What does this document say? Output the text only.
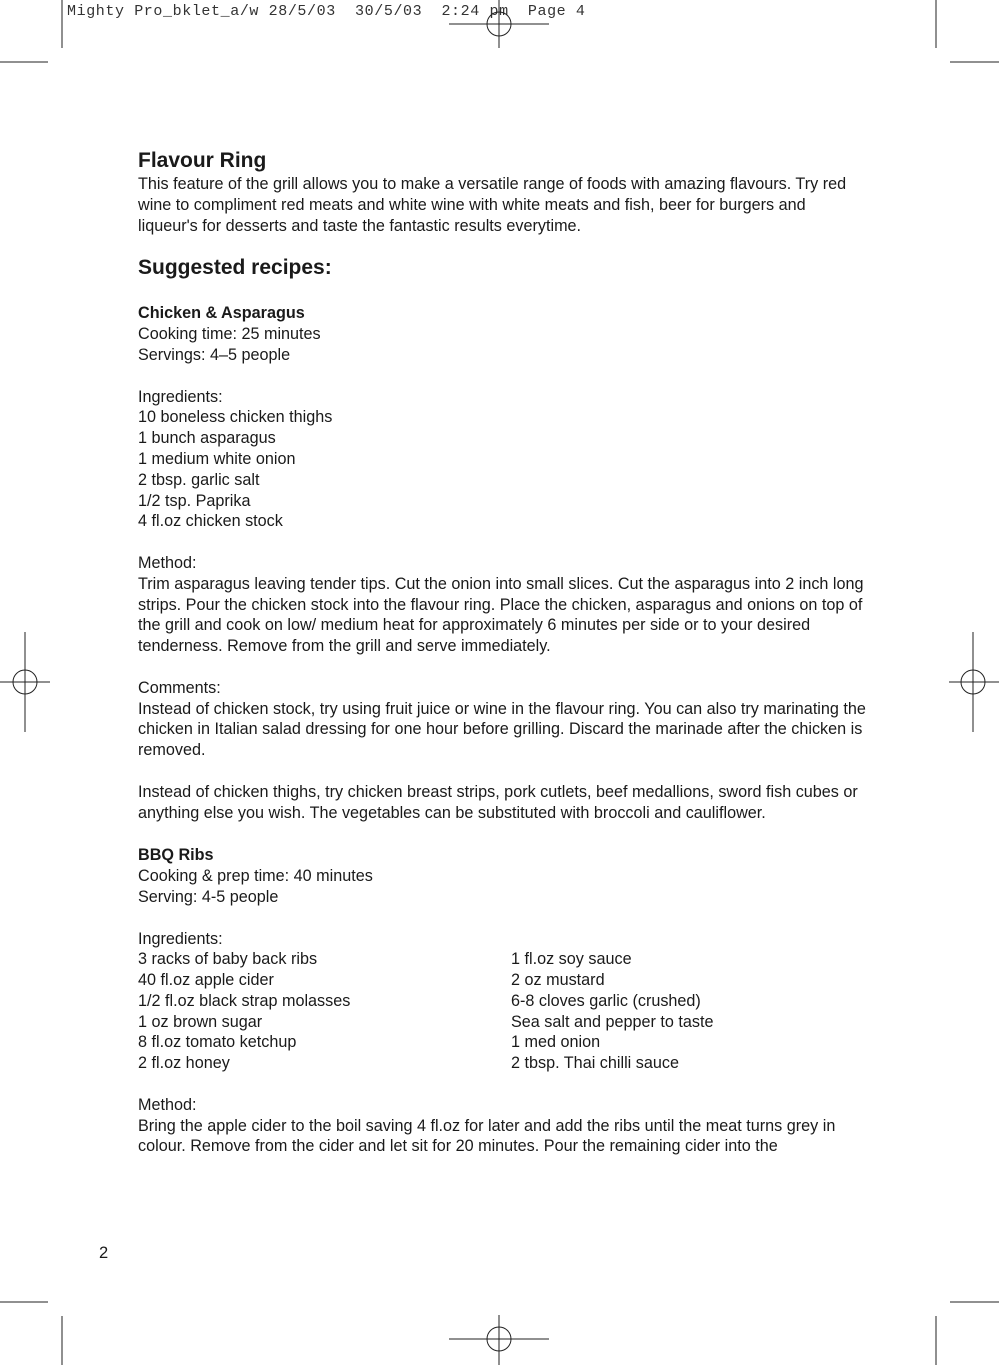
Mighty Pro_bklet_a/w 28/5/03  30/5/03  2:24 pm  Page 4
Flavour Ring

This feature of the grill allows you to make a versatile range of foods with amazing flavours. Try red wine to compliment red meats and white wine with white meats and fish, beer for burgers and liqueur's for desserts and taste the fantastic results everytime.

Suggested recipes:

Chicken & Asparagus

Cooking time: 25 minutes

Servings: 4–5 people

Ingredients:

10 boneless chicken thighs
1 bunch asparagus
1 medium white onion
2 tbsp. garlic salt
1/2 tsp. Paprika
4 fl.oz chicken stock

Method:

Trim asparagus leaving tender tips. Cut the onion into small slices. Cut the asparagus into 2 inch long strips. Pour the chicken stock into the flavour ring. Place the chicken, asparagus and onions on top of the grill and cook on low/ medium heat for approximately 6 minutes per side or to your desired tenderness. Remove from the grill and serve immediately.

Comments:

Instead of chicken stock, try using fruit juice or wine in the flavour ring. You can also try marinating the chicken in Italian salad dressing for one hour before grilling. Discard the marinade after the chicken is removed.

Instead of chicken thighs, try chicken breast strips, pork cutlets, beef medallions, sword fish cubes or anything else you wish. The vegetables can be substituted with broccoli and cauliflower.

BBQ Ribs

Cooking & prep time: 40 minutes

Serving: 4-5 people

Ingredients:

3 racks of baby back ribs
40 fl.oz apple cider
1/2 fl.oz black strap molasses
1 oz brown sugar
8 fl.oz tomato ketchup
2 fl.oz honey
1 fl.oz soy sauce
2 oz mustard
6-8 cloves garlic (crushed)
Sea salt and pepper to taste
1 med onion
2 tbsp. Thai chilli sauce

Method:

Bring the apple cider to the boil saving 4 fl.oz for later and add the ribs until the meat turns grey in colour. Remove from the cider and let sit for 20 minutes. Pour the remaining cider into the

2
